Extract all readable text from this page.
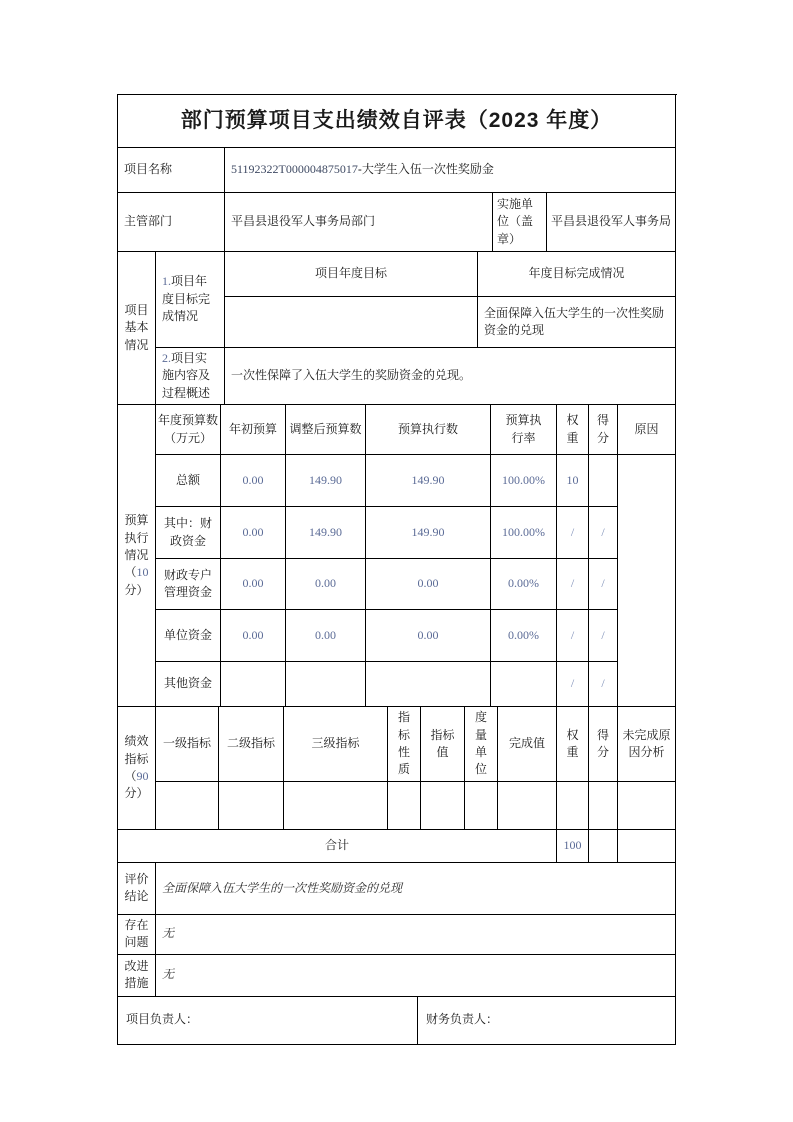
部门预算项目支出绩效自评表（2023 年度）
项目名称	51192322T000004875017-大学生入伍一次性奖励金
主管部门	平昌县退役军人事务局部门	实施单位（盖章）	平昌县退役军人事务局
项目基本情况	1.项目年度目标完成情况	项目年度目标	年度目标完成情况
			全面保障入伍大学生的一次性奖励资金的兑现
	2.项目实施内容及过程概述	一次性保障了入伍大学生的奖励资金的兑现。	
预算执行情况（10分）	年度预算数（万元）	年初预算	调整后预算数	预算执行数	预算执行率	权重	得分	原因
	总额	0.00	149.90	149.90	100.00%	10		
	其中：财政资金	0.00	149.90	149.90	100.00%	/	/	
	财政专户管理资金	0.00	0.00	0.00	0.00%	/	/	
	单位资金	0.00	0.00	0.00	0.00%	/	/	
	其他资金					/	/	
绩效指标（90分）	一级指标	二级指标	三级指标	指标性质	指标值	度量单位	完成值	权重	得分	未完成原因分析

合计								100		
评价结论	全面保障入伍大学生的一次性奖励资金的兑现
存在问题	无
改进措施	无
项目负责人：	财务负责人：
